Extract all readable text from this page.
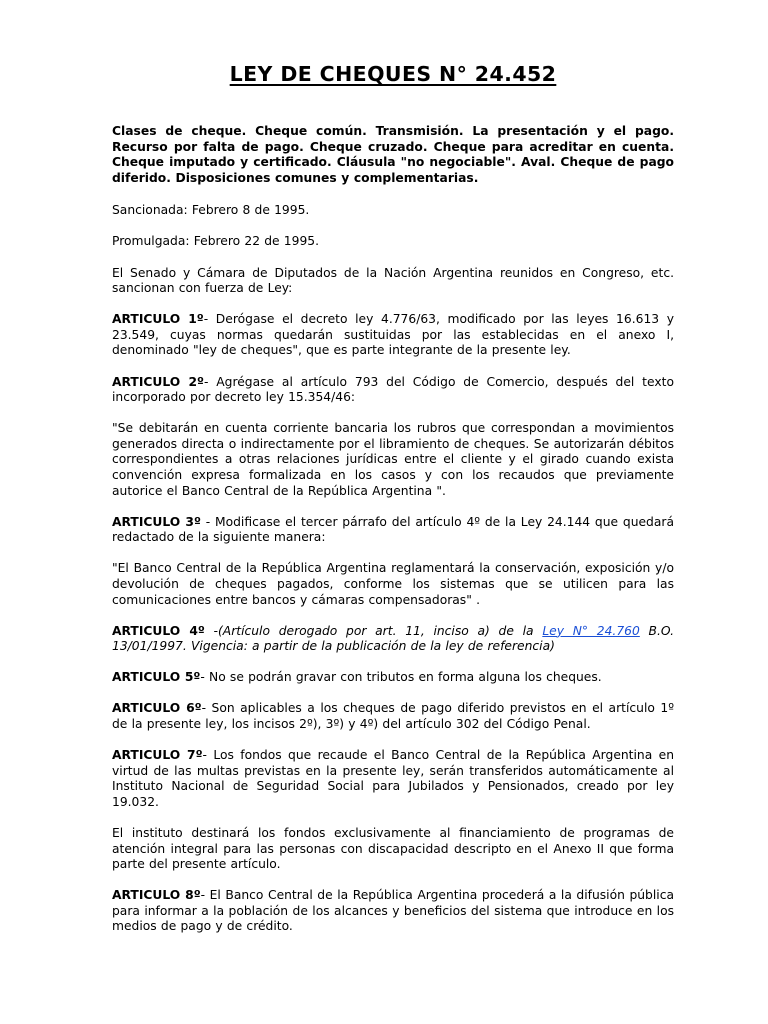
LEY DE CHEQUES N° 24.452

Clases de cheque. Cheque común. Transmisión. La presentación y el pago. Recurso por falta de pago. Cheque cruzado. Cheque para acreditar en cuenta. Cheque imputado y certificado. Cláusula "no negociable". Aval. Cheque de pago diferido. Disposiciones comunes y complementarias.

Sancionada: Febrero 8 de 1995.

Promulgada: Febrero 22 de 1995.

El Senado y Cámara de Diputados de la Nación Argentina reunidos en Congreso, etc. sancionan con fuerza de Ley:

ARTICULO 1º- Derógase el decreto ley 4.776/63, modificado por las leyes 16.613 y 23.549, cuyas normas quedarán sustituidas por las establecidas en el anexo I, denominado "ley de cheques", que es parte integrante de la presente ley.

ARTICULO 2º- Agrégase al artículo 793 del Código de Comercio, después del texto incorporado por decreto ley 15.354/46:

"Se debitarán en cuenta corriente bancaria los rubros que correspondan a movimientos generados directa o indirectamente por el libramiento de cheques. Se autorizarán débitos correspondientes a otras relaciones jurídicas entre el cliente y el girado cuando exista convención expresa formalizada en los casos y con los recaudos que previamente autorice el Banco Central de la República Argentina ".

ARTICULO 3º - Modificase el tercer párrafo del artículo 4º de la Ley 24.144 que quedará redactado de la siguiente manera:

"El Banco Central de la República Argentina reglamentará la conservación, exposición y/o devolución de cheques pagados, conforme los sistemas que se utilicen para las comunicaciones entre bancos y cámaras compensadoras" .

ARTICULO 4º -(Artículo derogado por art. 11, inciso a) de la Ley N° 24.760 B.O. 13/01/1997. Vigencia: a partir de la publicación de la ley de referencia)

ARTICULO 5º- No se podrán gravar con tributos en forma alguna los cheques.

ARTICULO 6º- Son aplicables a los cheques de pago diferido previstos en el artículo 1º de la presente ley, los incisos 2º), 3º) y 4º) del artículo 302 del Código Penal.

ARTICULO 7º- Los fondos que recaude el Banco Central de la República Argentina en virtud de las multas previstas en la presente ley, serán transferidos automáticamente al Instituto Nacional de Seguridad Social para Jubilados y Pensionados, creado por ley 19.032.

El instituto destinará los fondos exclusivamente al financiamiento de programas de atención integral para las personas con discapacidad descripto en el Anexo II que forma parte del presente artículo.

ARTICULO 8º- El Banco Central de la República Argentina procederá a la difusión pública para informar a la población de los alcances y beneficios del sistema que introduce en los medios de pago y de crédito.
